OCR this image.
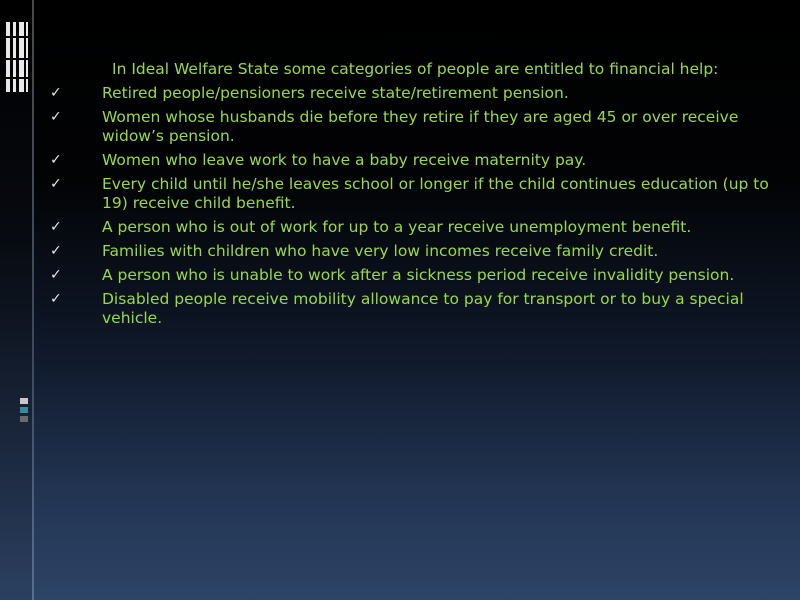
In Ideal Welfare State some categories of people are entitled to financial help:

✓	Retired people/pensioners receive state/retirement pension.
✓	Women whose husbands die before they retire if they are aged 45 or over receive widow’s pension.
✓	Women who leave work to have a baby receive maternity pay.
✓	Every child until he/she leaves school or longer if the child continues education (up to 19) receive child benefit.
✓	A person who is out of work for up to a year receive unemployment benefit.
✓	Families with children who have very low incomes receive family credit.
✓	A person who is unable to work after a sickness period receive invalidity pension.
✓	Disabled people receive mobility allowance to pay for transport or to buy a special vehicle.
